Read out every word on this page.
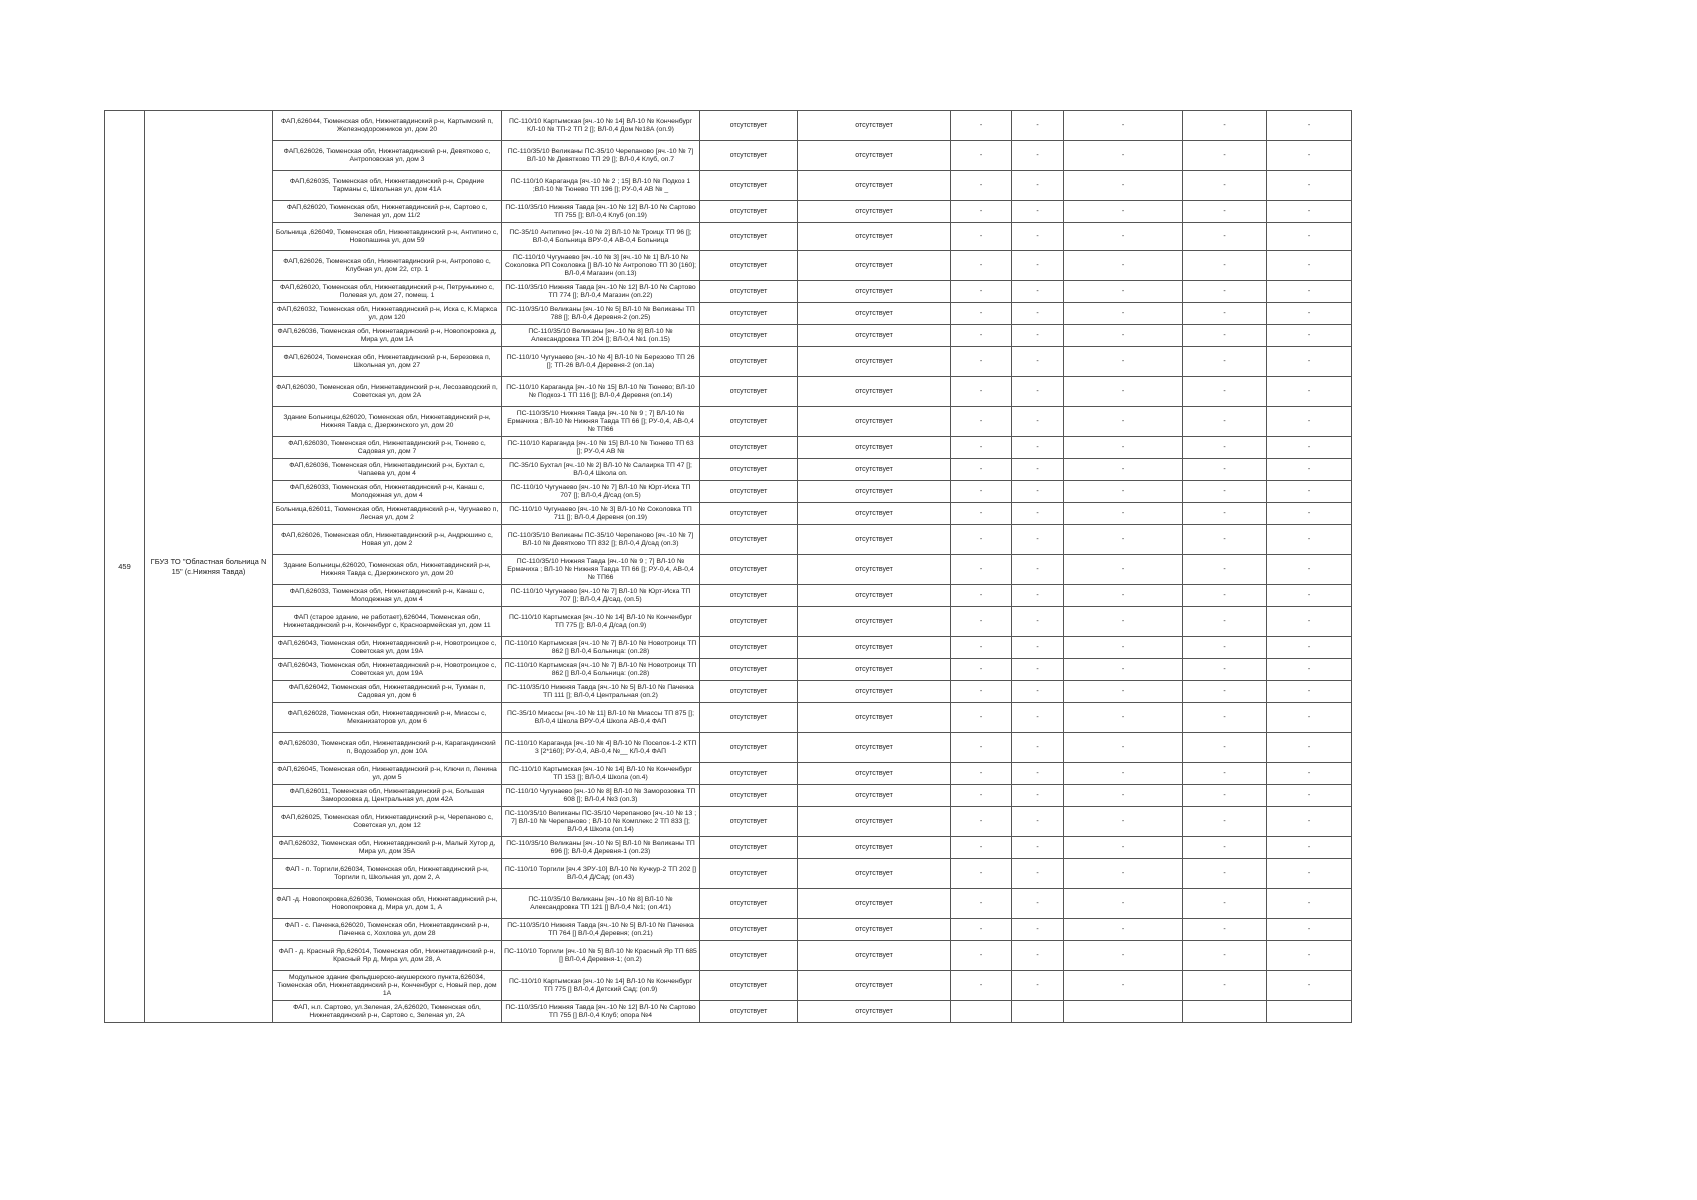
459	ГБУЗ ТО "Областная больница N 15" (с.Нижняя Тавда)	ФАП,626044, Тюменская обл, Нижнетавдинский р-н, Картымский п, Железнодорожников ул, дом 20	ПС-110/10 Картымская [яч.-10 № 14] ВЛ-10 № Конченбург КЛ-10 № ТП-2 ТП 2 []; ВЛ-0,4 Дом №18А (оп.9)	отсутствует	отсутствует	-	-	-	-	-
		ФАП,626026, Тюменская обл, Нижнетавдинский р-н, Девятково с, Антроповская ул, дом 3	ПС-110/35/10 Великаны ПС-35/10 Черепаново [яч.-10 № 7] ВЛ-10 № Девятково ТП 29 []; ВЛ-0,4 Клуб, оп.7	отсутствует	отсутствует	-	-	-	-	-
		ФАП,626035, Тюменская обл, Нижнетавдинский р-н, Средние Тарманы с, Школьная ул, дом 41А	ПС-110/10 Караганда [яч.-10 № 2 ; 15] ВЛ-10 № Подкоз 1 ;ВЛ-10 № Тюнево ТП 196 []; РУ-0,4 АВ № _	отсутствует	отсутствует	-	-	-	-	-
		ФАП,626020, Тюменская обл, Нижнетавдинский р-н, Сартово с, Зеленая ул, дом 11/2	ПС-110/35/10 Нижняя Тавда [яч.-10 № 12] ВЛ-10 № Сартово ТП 755 []; ВЛ-0,4 Клуб (оп.19)	отсутствует	отсутствует	-	-	-	-	-
		Больница ,626049, Тюменская обл, Нижнетавдинский р-н, Антипино с, Новопашина ул, дом 59	ПС-35/10 Антипино [яч.-10 № 2] ВЛ-10 № Троицк ТП 96 []; ВЛ-0,4 Больница ВРУ-0,4 АВ-0,4 Больница	отсутствует	отсутствует	-	-	-	-	-
		ФАП,626026, Тюменская обл, Нижнетавдинский р-н, Антропово с, Клубная ул, дом 22, стр. 1	ПС-110/10 Чугунаево [яч.-10 № 3] [яч.-10 № 1] ВЛ-10 № Соколовка РП Соколовка [] ВЛ-10 № Антропово ТП 30 [160]; ВЛ-0,4 Магазин (оп.13)	отсутствует	отсутствует	-	-	-	-	-
		ФАП,626020, Тюменская обл, Нижнетавдинский р-н, Петрунькино с, Полевая ул, дом 27, помещ. 1	ПС-110/35/10 Нижняя Тавда [яч.-10 № 12] ВЛ-10 № Сартово ТП 774 []; ВЛ-0,4 Магазин (оп.22)	отсутствует	отсутствует	-	-	-	-	-
		ФАП,626032, Тюменская обл, Нижнетавдинский р-н, Иска с, К.Маркса ул, дом 120	ПС-110/35/10 Великаны [яч.-10 № 5] ВЛ-10 № Великаны ТП 788 []; ВЛ-0,4 Деревня-2 (оп.25)	отсутствует	отсутствует	-	-	-	-	-
		ФАП,626036, Тюменская обл, Нижнетавдинский р-н, Новопокровка д, Мира ул, дом 1А	ПС-110/35/10 Великаны [яч.-10 № 8] ВЛ-10 № Александровка ТП 204 []; ВЛ-0,4 №1 (оп.15)	отсутствует	отсутствует	-	-	-	-	-
		ФАП,626024, Тюменская обл, Нижнетавдинский р-н, Березовка п, Школьная ул, дом 27	ПС-110/10 Чугунаево [яч.-10 № 4] ВЛ-10 № Березово ТП 26 []; ТП-26 ВЛ-0,4 Деревня-2 (оп.1а)	отсутствует	отсутствует	-	-	-	-	-
		ФАП,626030, Тюменская обл, Нижнетавдинский р-н, Лесозаводский п, Советская ул, дом 2А	ПС-110/10 Караганда [яч.-10 № 15] ВЛ-10 № Тюнево; ВЛ-10 № Подкоз-1 ТП 116 []; ВЛ-0,4 Деревня (оп.14)	отсутствует	отсутствует	-	-	-	-	-
		Здание Больницы,626020, Тюменская обл, Нижнетавдинский р-н, Нижняя Тавда с, Дзержинского ул, дом 20	ПС-110/35/10 Нижняя Тавда [яч.-10 № 9 ; 7] ВЛ-10 № Ермачиха ; ВЛ-10 № Нижняя Тавда ТП 66 []; РУ-0,4, АВ-0,4 № ТП66	отсутствует	отсутствует	-	-	-	-	-
		ФАП,626030, Тюменская обл, Нижнетавдинский р-н, Тюнево с, Садовая ул, дом 7	ПС-110/10 Караганда [яч.-10 № 15] ВЛ-10 № Тюнево ТП 63 []; РУ-0,4 АВ №	отсутствует	отсутствует	-	-	-	-	-
		ФАП,626036, Тюменская обл, Нижнетавдинский р-н, Бухтал с, Чапаева ул, дом 4	ПС-35/10 Бухтал [яч.-10 № 2] ВЛ-10 № Салаирка ТП 47 []; ВЛ-0,4 Школа оп.	отсутствует	отсутствует	-	-	-	-	-
		ФАП,626033, Тюменская обл, Нижнетавдинский р-н, Канаш с, Молодежная ул, дом 4	ПС-110/10 Чугунаево [яч.-10 № 7] ВЛ-10 № Юрт-Иска ТП 707 []; ВЛ-0,4 Д/сад (оп.5)	отсутствует	отсутствует	-	-	-	-	-
		Больница,626011, Тюменская обл, Нижнетавдинский р-н, Чугунаево п, Лесная ул, дом 2	ПС-110/10 Чугунаево [яч.-10 № 3] ВЛ-10 № Соколовка ТП 711 []; ВЛ-0,4 Деревня (оп.19)	отсутствует	отсутствует	-	-	-	-	-
		ФАП,626026, Тюменская обл, Нижнетавдинский р-н, Андрюшино с, Новая ул, дом 2	ПС-110/35/10 Великаны ПС-35/10 Черепаново [яч.-10 № 7] ВЛ-10 № Девятково ТП 832 []; ВЛ-0,4 Д/сад (оп.3)	отсутствует	отсутствует	-	-	-	-	-
		Здание Больницы,626020, Тюменская обл, Нижнетавдинский р-н, Нижняя Тавда с, Дзержинского ул, дом 20	ПС-110/35/10 Нижняя Тавда [яч.-10 № 9 ; 7] ВЛ-10 № Ермачиха ; ВЛ-10 № Нижняя Тавда ТП 66 []; РУ-0,4, АВ-0,4 № ТП66	отсутствует	отсутствует	-	-	-	-	-
		ФАП,626033, Тюменская обл, Нижнетавдинский р-н, Канаш с, Молодежная ул, дом 4	ПС-110/10 Чугунаево [яч.-10 № 7] ВЛ-10 № Юрт-Иска ТП 707 []; ВЛ-0,4 Д/сад, (оп.5)	отсутствует	отсутствует	-	-	-	-	-
		ФАП (старое здание, не работает),626044, Тюменская обл, Нижнетавдинский р-н, Конченбург с, Красноармейская ул, дом 11	ПС-110/10 Картымская [яч.-10 № 14] ВЛ-10 № Конченбург ТП 775 []; ВЛ-0,4 Д/сад (оп.9)	отсутствует	отсутствует	-	-	-	-	-
		ФАП,626043, Тюменская обл, Нижнетавдинский р-н, Новотроицкое с, Советская ул, дом 19А	ПС-110/10 Картымская [яч.-10 № 7] ВЛ-10 № Новотроицк ТП 862 [] ВЛ-0,4 Больница: (оп.28)	отсутствует	отсутствует	-	-	-	-	-
		ФАП,626043, Тюменская обл, Нижнетавдинский р-н, Новотроицкое с, Советская ул, дом 19А	ПС-110/10 Картымская [яч.-10 № 7] ВЛ-10 № Новотроицк ТП 862 [] ВЛ-0,4 Больница: (оп.28)	отсутствует	отсутствует	-	-	-	-	-
		ФАП,626042, Тюменская обл, Нижнетавдинский р-н, Тукман п, Садовая ул, дом 6	ПС-110/35/10 Нижняя Тавда [яч.-10 № 5] ВЛ-10 № Паченка ТП 111 []; ВЛ-0,4 Центральная (оп.2)	отсутствует	отсутствует	-	-	-	-	-
		ФАП,626028, Тюменская обл, Нижнетавдинский р-н, Миассы с, Механизаторов ул, дом 6	ПС-35/10 Миассы [яч.-10 № 11] ВЛ-10 № Миассы ТП 875 []; ВЛ-0,4 Школа ВРУ-0,4 Школа АВ-0,4 ФАП	отсутствует	отсутствует	-	-	-	-	-
		ФАП,626030, Тюменская обл, Нижнетавдинский р-н, Карагандинский п, Водозабор ул, дом 10А	ПС-110/10 Караганда [яч.-10 № 4] ВЛ-10 № Поселок-1-2 КТП 3 [2*160]; РУ-0,4, АВ-0,4 №__ КЛ-0,4 ФАП	отсутствует	отсутствует	-	-	-	-	-
		ФАП,626045, Тюменская обл, Нижнетавдинский р-н, Ключи п, Ленина ул, дом 5	ПС-110/10 Картымская [яч.-10 № 14] ВЛ-10 № Конченбург ТП 153 []; ВЛ-0,4 Школа (оп.4)	отсутствует	отсутствует	-	-	-	-	-
		ФАП,626011, Тюменская обл, Нижнетавдинский р-н, Большая Заморозовка д, Центральная ул, дом 42А	ПС-110/10 Чугунаево [яч.-10 № 8] ВЛ-10 № Заморозовка ТП 608 []; ВЛ-0,4 №3 (оп.3)	отсутствует	отсутствует	-	-	-	-	-
		ФАП,626025, Тюменская обл, Нижнетавдинский р-н, Черепаново с, Советская ул, дом 12	ПС-110/35/10 Великаны ПС-35/10 Черепаново [яч.-10 № 13 ; 7] ВЛ-10 № Черепаново ; ВЛ-10 № Комплекс 2 ТП 833 []; ВЛ-0,4 Школа (оп.14)	отсутствует	отсутствует	-	-	-	-	-
		ФАП,626032, Тюменская обл, Нижнетавдинский р-н, Малый Хутор д, Мира ул, дом 35А	ПС-110/35/10 Великаны [яч.-10 № 5] ВЛ-10 № Великаны ТП 696 []; ВЛ-0,4 Деревня-1 (оп.23)	отсутствует	отсутствует	-	-	-	-	-
		ФАП - п. Торгили,626034, Тюменская обл, Нижнетавдинский р-н, Торгили п, Школьная ул, дом 2, А	ПС-110/10 Торгили [яч.4 ЗРУ-10] ВЛ-10 № Кучкур-2 ТП 202 [] ВЛ-0,4 Д/Сад; (оп.43)	отсутствует	отсутствует	-	-	-	-	-
		ФАП -д. Новопокровка,626036, Тюменская обл, Нижнетавдинский р-н, Новопокровка д, Мира ул, дом 1, А	ПС-110/35/10 Великаны [яч.-10 № 8] ВЛ-10 № Александровка ТП 121 [] ВЛ-0,4 №1; (оп.4/1)	отсутствует	отсутствует	-	-	-	-	-
		ФАП - с. Паченка,626020, Тюменская обл, Нижнетавдинский р-н, Паченка с, Хохлова ул, дом 28	ПС-110/35/10 Нижняя Тавда [яч.-10 № 5] ВЛ-10 № Паченка ТП 764 [] ВЛ-0,4 Деревня; (оп.21)	отсутствует	отсутствует	-	-	-	-	-
		ФАП - д. Красный Яр,626014, Тюменская обл, Нижнетавдинский р-н, Красный Яр д, Мира ул, дом 28, А	ПС-110/10 Торгили [яч.-10 № 5] ВЛ-10 № Красный Яр ТП 685 [] ВЛ-0,4 Деревня-1; (оп.2)	отсутствует	отсутствует	-	-	-	-	-
		Модульное здание фельдшерско-акушерского пункта,626034, Тюменская обл, Нижнетавдинский р-н, Конченбург с, Новый пер, дом 1А	ПС-110/10 Картымская [яч.-10 № 14] ВЛ-10 № Конченбург ТП 775 [] ВЛ-0,4 Детский Сад; (оп.9)	отсутствует	отсутствует	-	-	-	-	-
		ФАП, н.п. Сартово, ул.Зеленая, 2А,626020, Тюменская обл, Нижнетавдинский р-н, Сартово с, Зеленая ул, 2А	ПС-110/35/10 Нижняя Тавда [яч.-10 № 12] ВЛ-10 № Сартово ТП 755 [] ВЛ-0,4 Клуб; опора №4	отсутствует	отсутствует					
